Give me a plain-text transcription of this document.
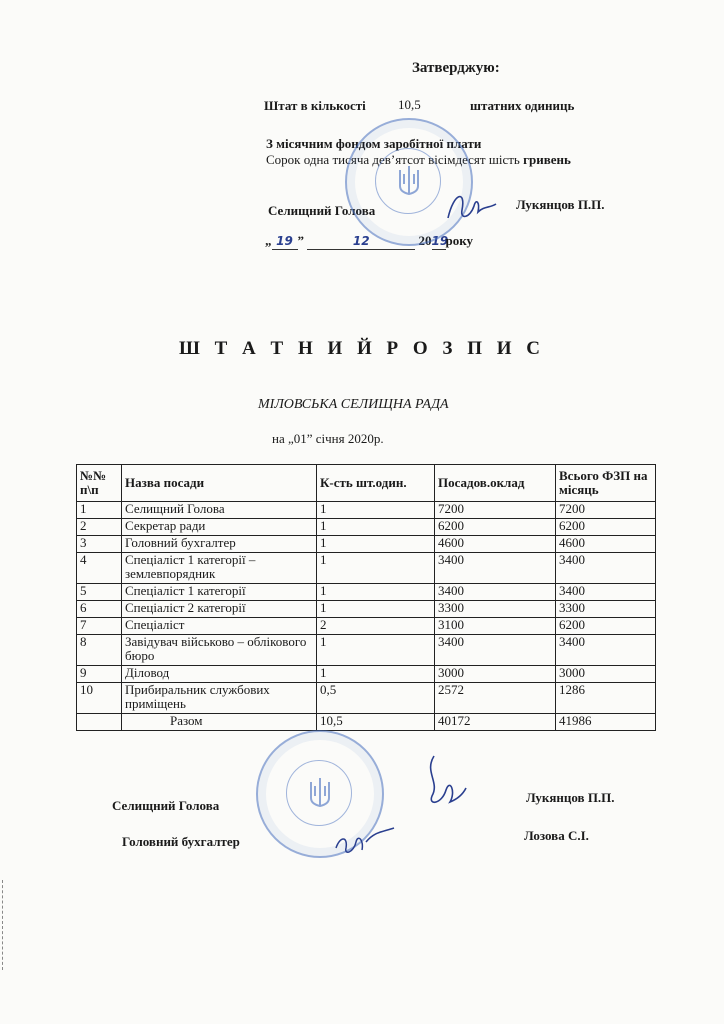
Затверджую:
Штат в кількості 10,5	штатних одиниць
З місячним фондом заробітної плати
Сорок одна тисяча дев’ятсот вісімдесят шість гривень
Селищний Голова	Лукянцов П.П.
„ 19 ”	12	2019року
Ш Т А Т Н И Й Р О З П И С
МІЛОВСЬКА СЕЛИЩНА РАДА
на „01” січня 2020р.
№№ п\п	Назва посади	К-сть шт.один.	Посадов.оклад	Всього ФЗП на місяць
1	Селищний Голова	1	7200	7200
2	Секретар ради	1	6200	6200
3	Головний бухгалтер	1	4600	4600
4	Спеціаліст 1 категорії – землевпорядник	1	3400	3400
5	Спеціаліст 1 категорії	1	3400	3400
6	Спеціаліст 2 категорії	1	3300	3300
7	Спеціаліст	2	3100	6200
8	Завідувач військово – облікового бюро	1	3400	3400
9	Діловод	1	3000	3000
10	Прибиральник службових приміщень	0,5	2572	1286
	Разом	10,5	40172	41986
Селищний Голова
Лукянцов П.П.
Головний бухгалтер	Лозова С.І.
